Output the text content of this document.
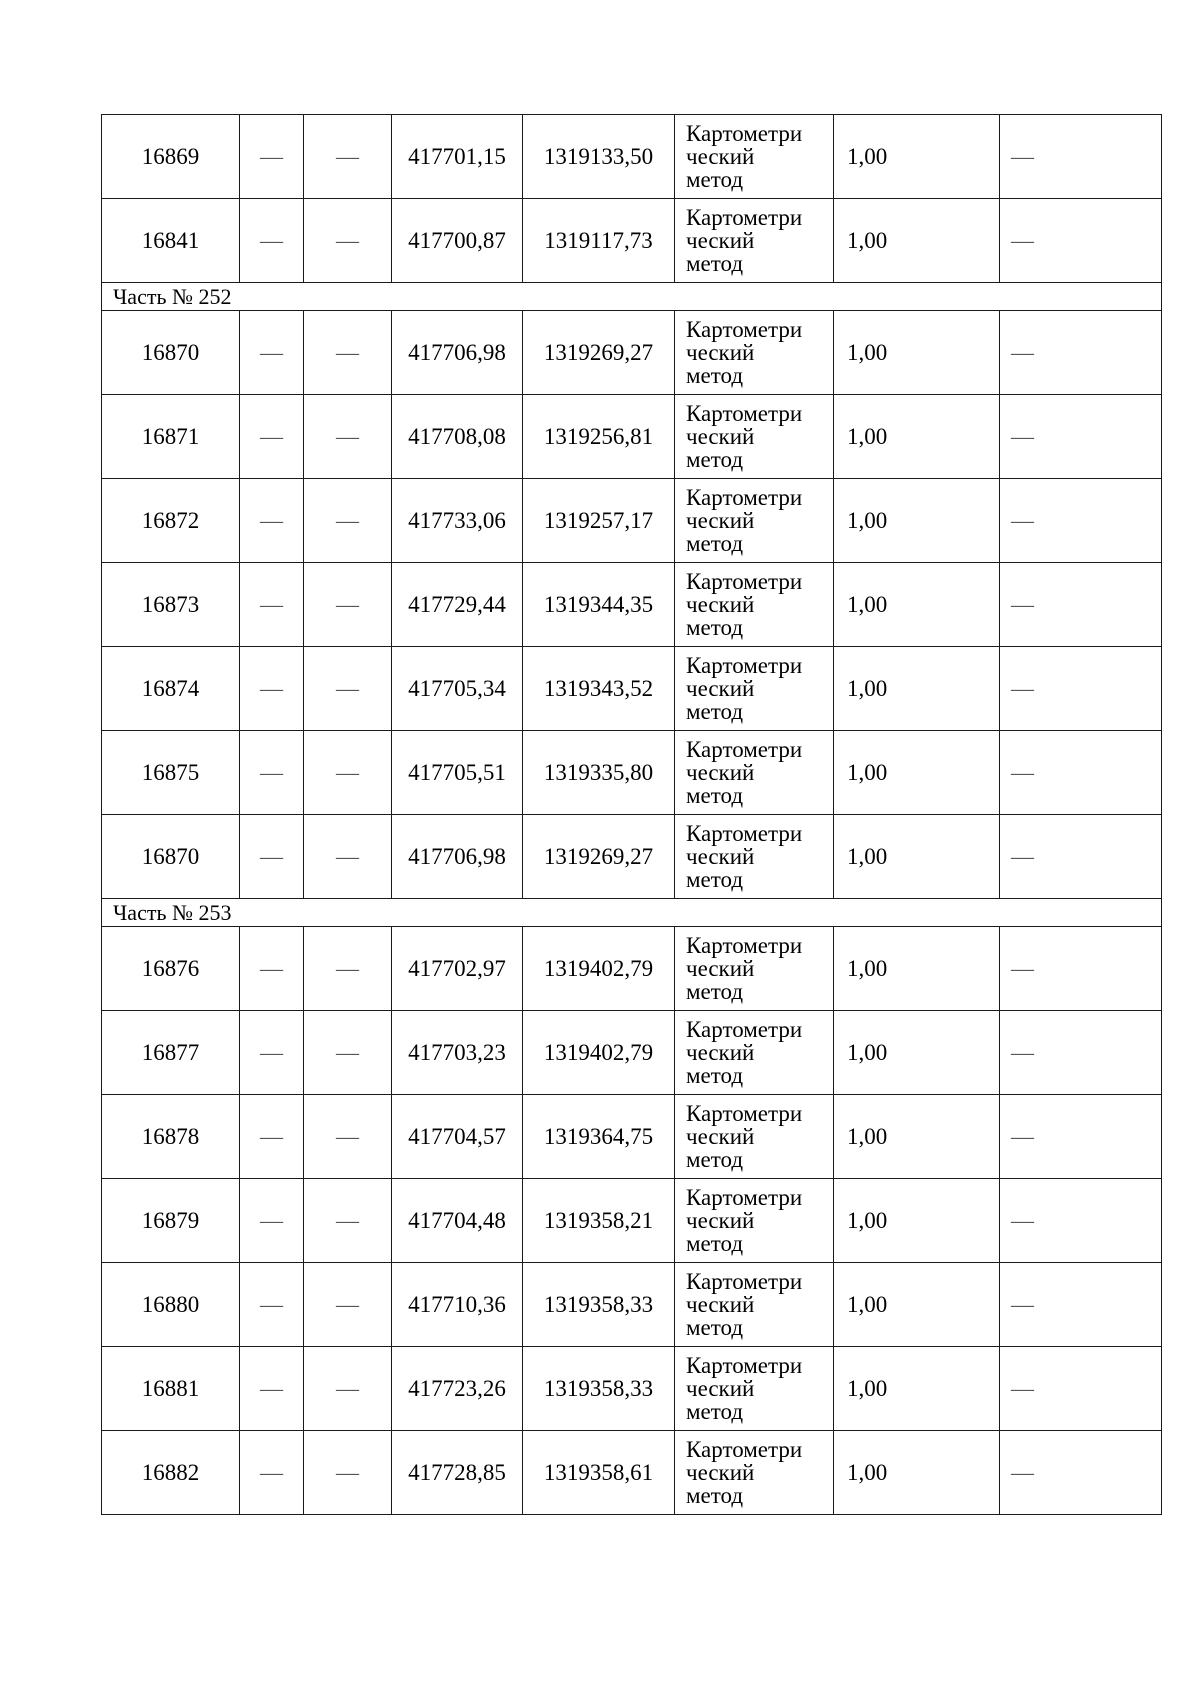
16869	—	—	417701,15	1319133,50	Картометри
ческий
метод	1,00	—
16841	—	—	417700,87	1319117,73	Картометри
ческий
метод	1,00	—
Часть № 252							
16870	—	—	417706,98	1319269,27	Картометри
ческий
метод	1,00	—
16871	—	—	417708,08	1319256,81	Картометри
ческий
метод	1,00	—
16872	—	—	417733,06	1319257,17	Картометри
ческий
метод	1,00	—
16873	—	—	417729,44	1319344,35	Картометри
ческий
метод	1,00	—
16874	—	—	417705,34	1319343,52	Картометри
ческий
метод	1,00	—
16875	—	—	417705,51	1319335,80	Картометри
ческий
метод	1,00	—
16870	—	—	417706,98	1319269,27	Картометри
ческий
метод	1,00	—
Часть № 253							
16876	—	—	417702,97	1319402,79	Картометри
ческий
метод	1,00	—
16877	—	—	417703,23	1319402,79	Картометри
ческий
метод	1,00	—
16878	—	—	417704,57	1319364,75	Картометри
ческий
метод	1,00	—
16879	—	—	417704,48	1319358,21	Картометри
ческий
метод	1,00	—
16880	—	—	417710,36	1319358,33	Картометри
ческий
метод	1,00	—
16881	—	—	417723,26	1319358,33	Картометри
ческий
метод	1,00	—
16882	—	—	417728,85	1319358,61	Картометри
ческий
метод	1,00	—
